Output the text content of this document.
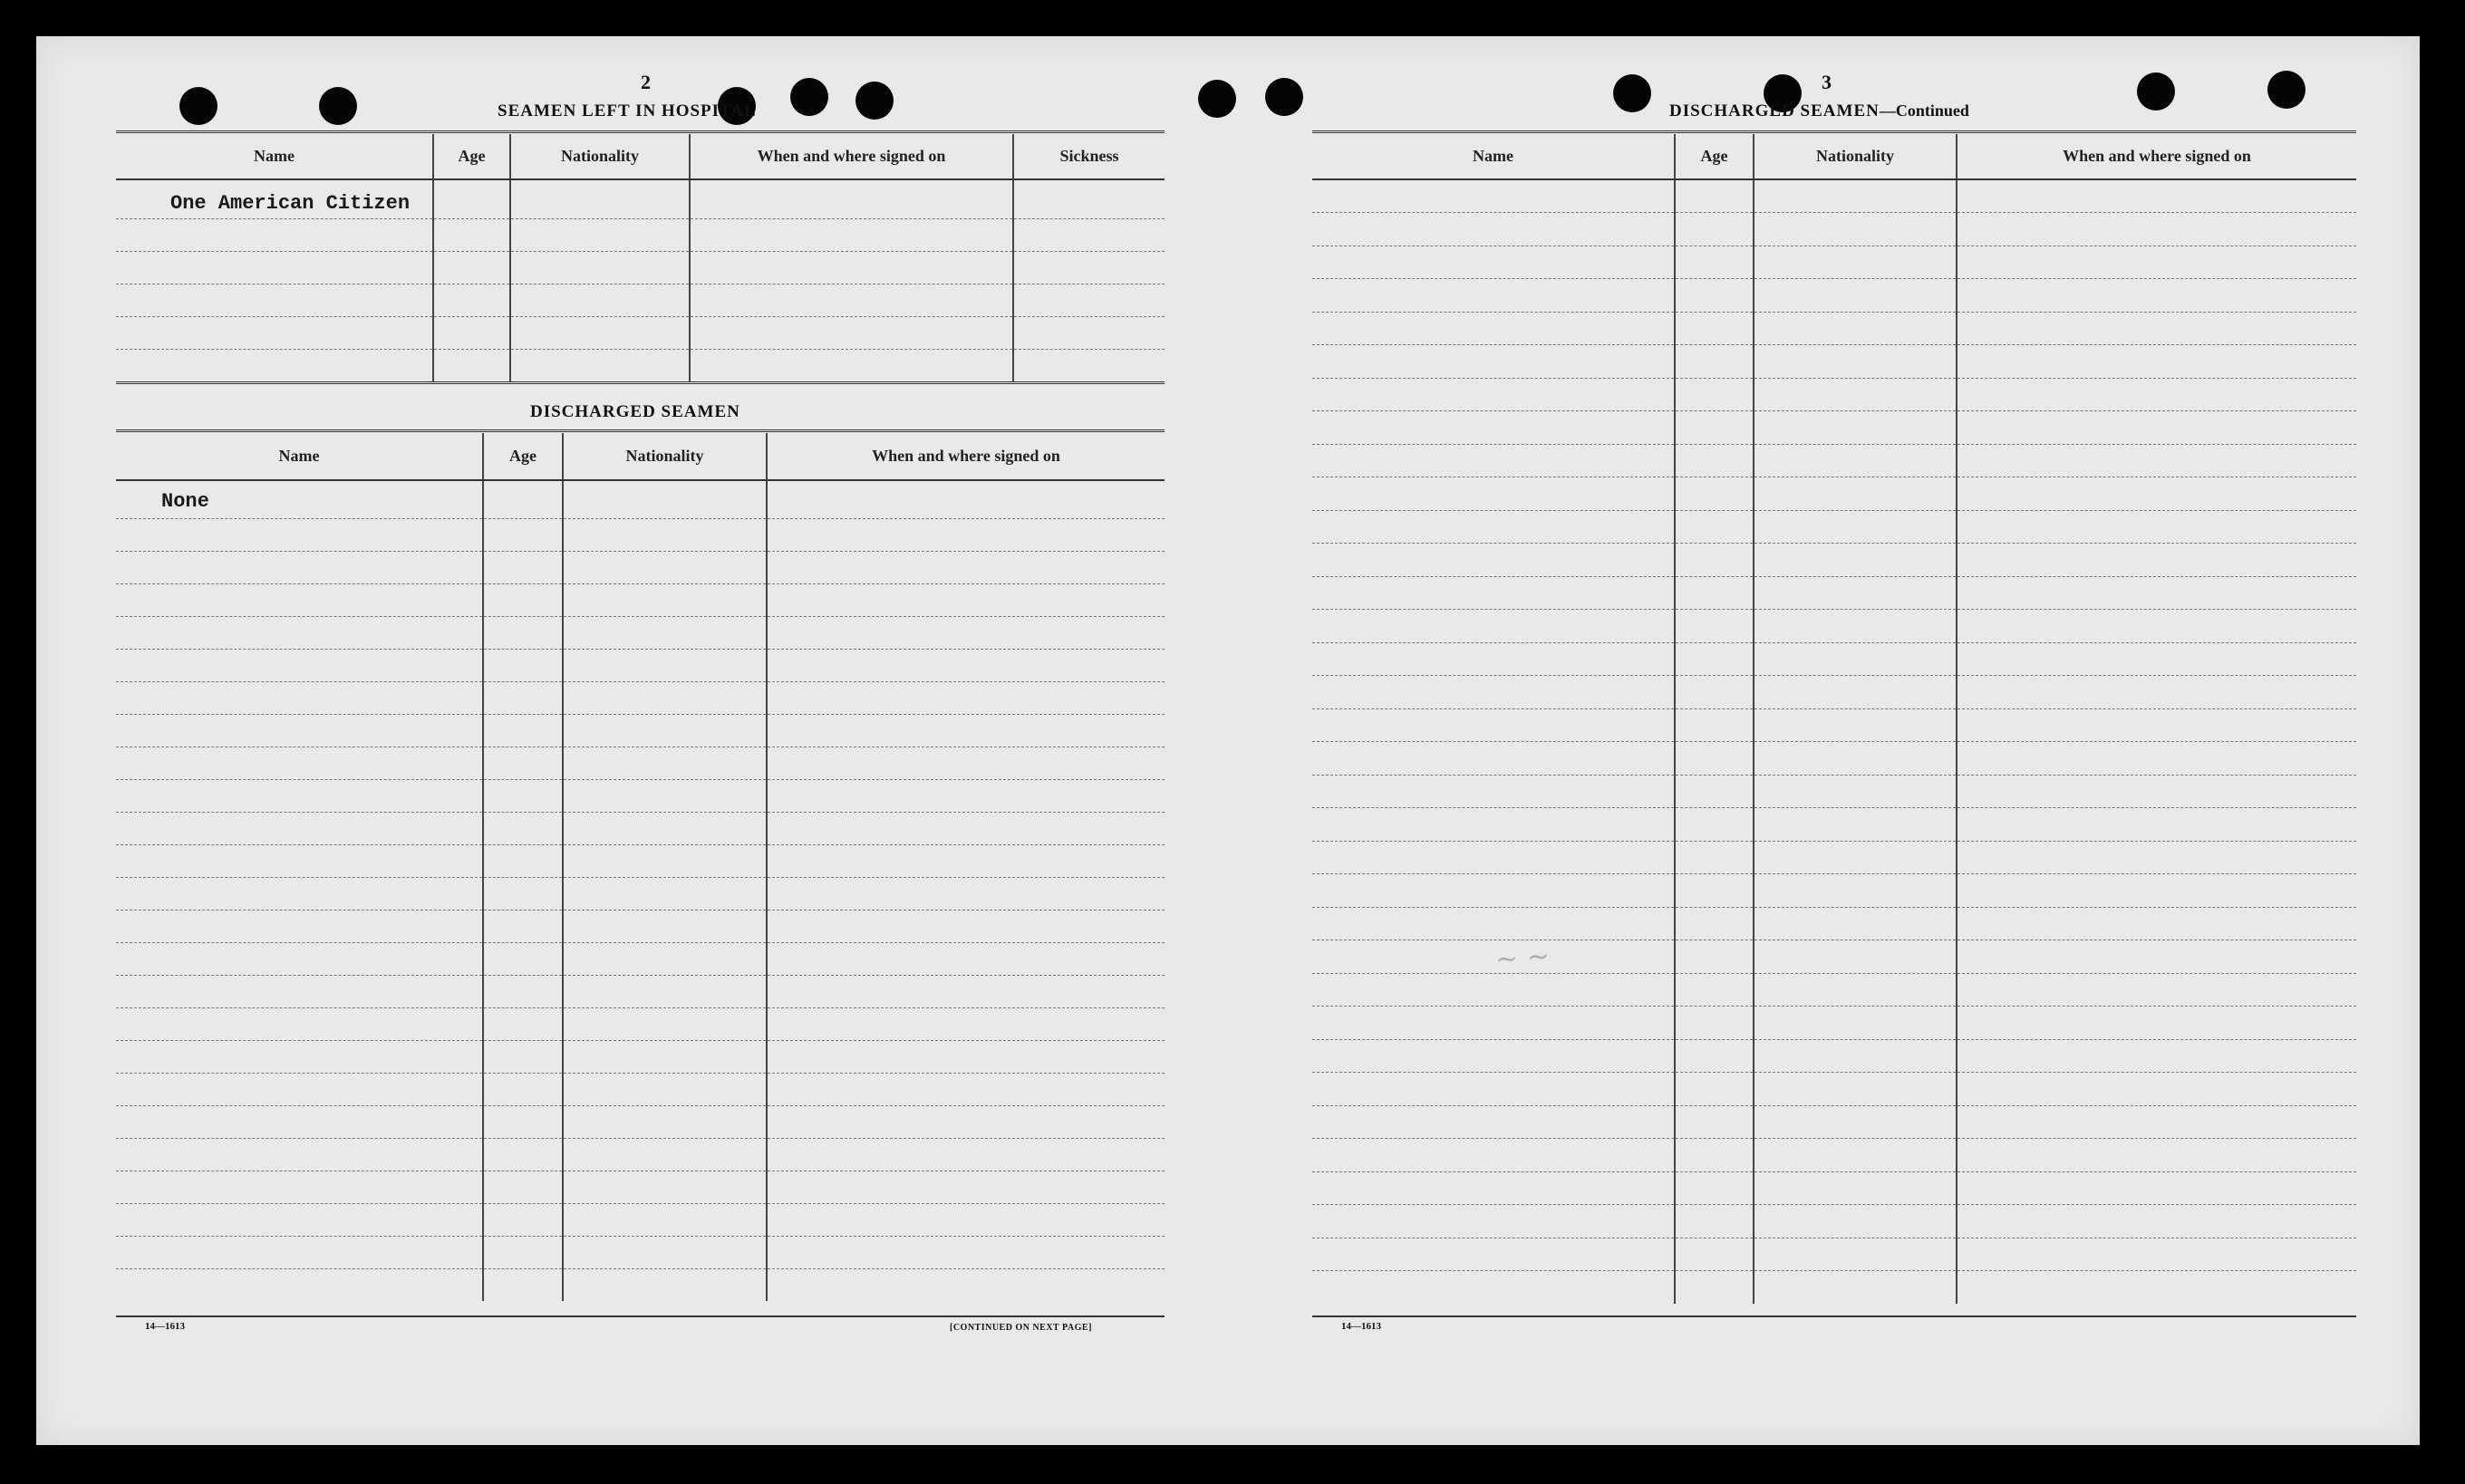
2
SEAMEN LEFT IN HOSPITAL
Name	Age	Nationality	When and where signed on	Sickness
One American Citizen				

DISCHARGED SEAMEN
Name	Age	Nationality	When and where signed on
None			

14—1613	[CONTINUED ON NEXT PAGE]
3
DISCHARGED SEAMEN—Continued
Name	Age	Nationality	When and where signed on

14—1613
~ ~
